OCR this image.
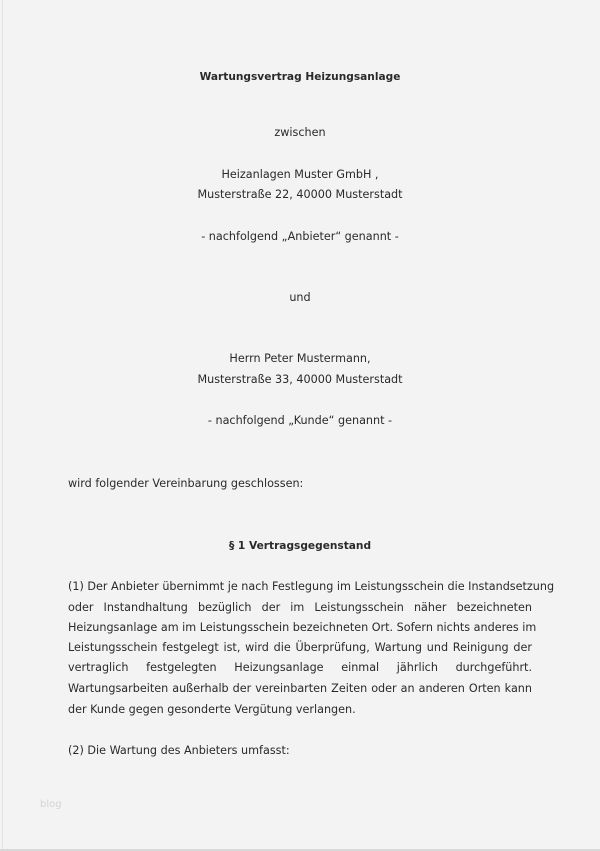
Wartungsvertrag Heizungsanlage
zwischen
Heizanlagen Muster GmbH ,
Musterstraße 22, 40000 Musterstadt
- nachfolgend „Anbieter“ genannt -
und
Herrn Peter Mustermann,
Musterstraße 33, 40000 Musterstadt
- nachfolgend „Kunde“ genannt -
wird folgender Vereinbarung geschlossen:
§ 1 Vertragsgegenstand
(1) Der Anbieter übernimmt je nach Festlegung im Leistungsschein die Instandsetzung
oder Instandhaltung bezüglich der im Leistungsschein näher bezeichneten
Heizungsanlage am im Leistungsschein bezeichneten Ort. Sofern nichts anderes im
Leistungsschein festgelegt ist, wird die Überprüfung, Wartung und Reinigung der
vertraglich festgelegten Heizungsanlage einmal jährlich durchgeführt.
Wartungsarbeiten außerhalb der vereinbarten Zeiten oder an anderen Orten kann
der Kunde gegen gesonderte Vergütung verlangen.
(2) Die Wartung des Anbieters umfasst:
blog
